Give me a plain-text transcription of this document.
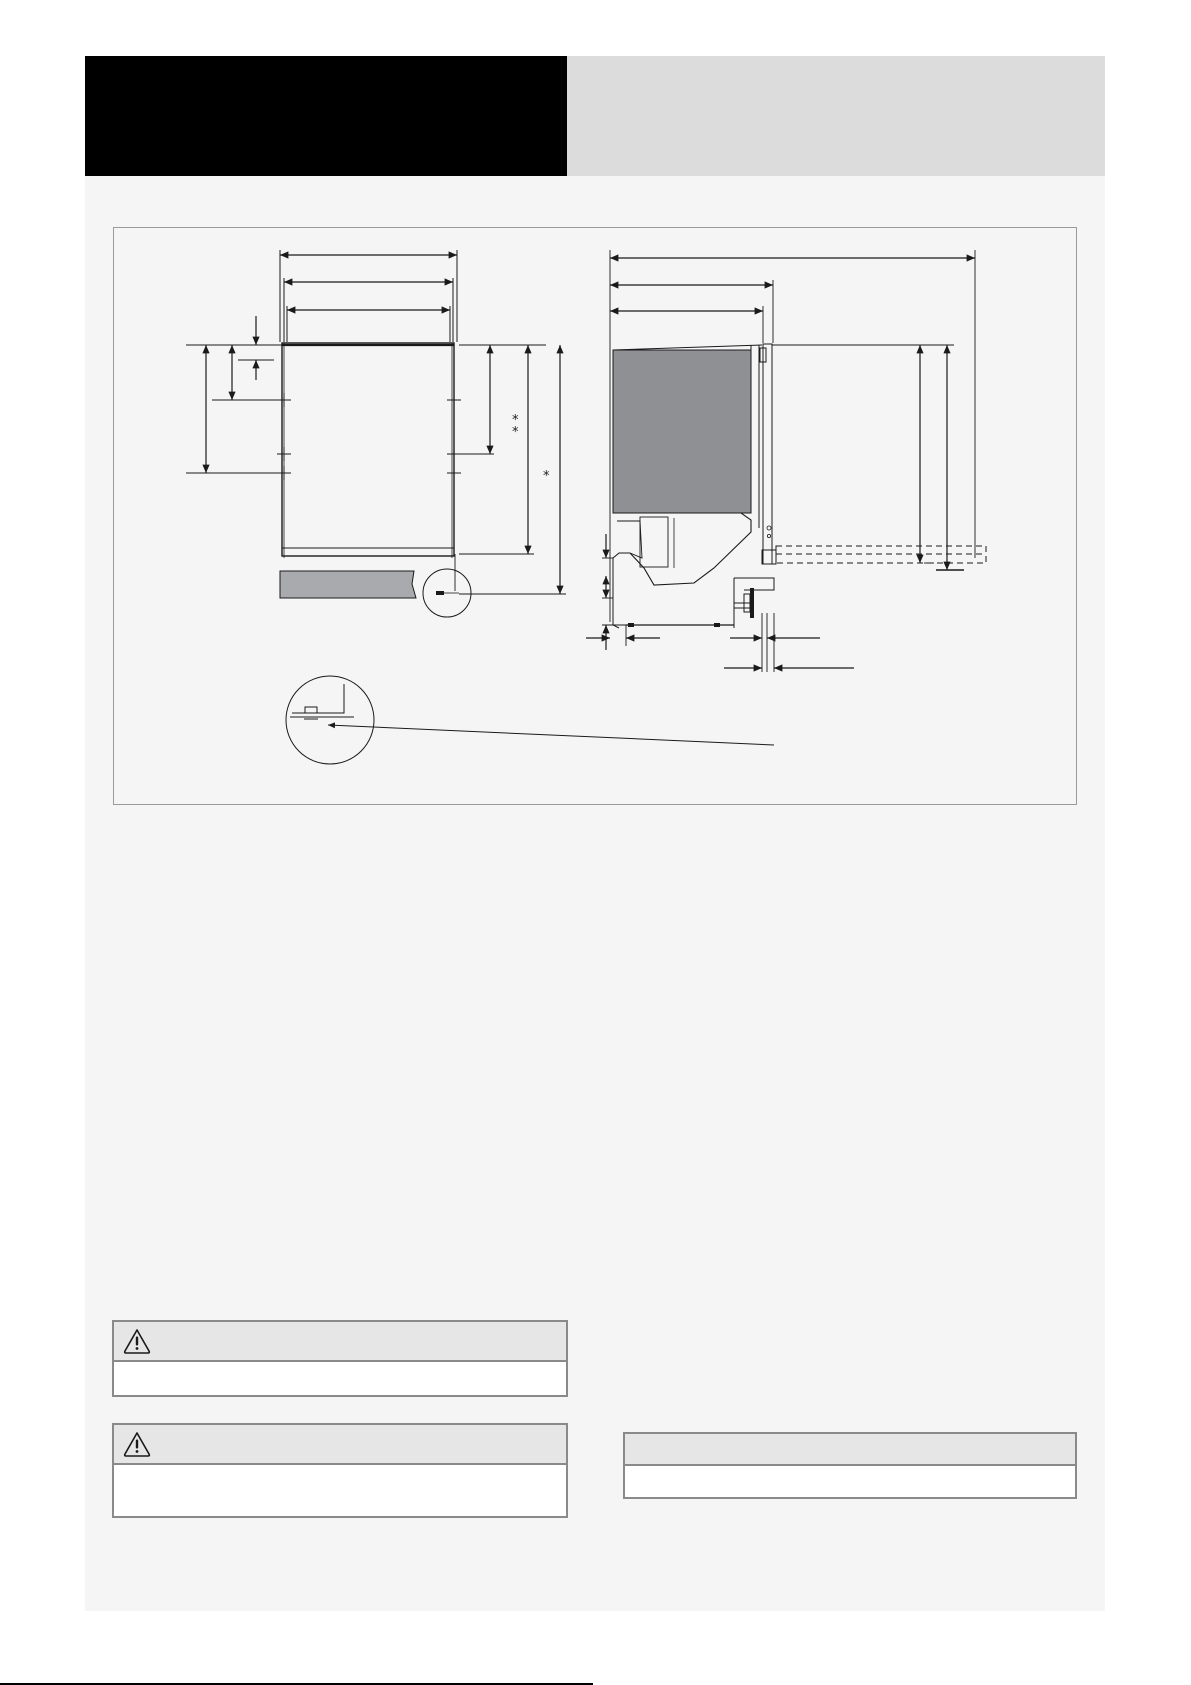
*
*
*
